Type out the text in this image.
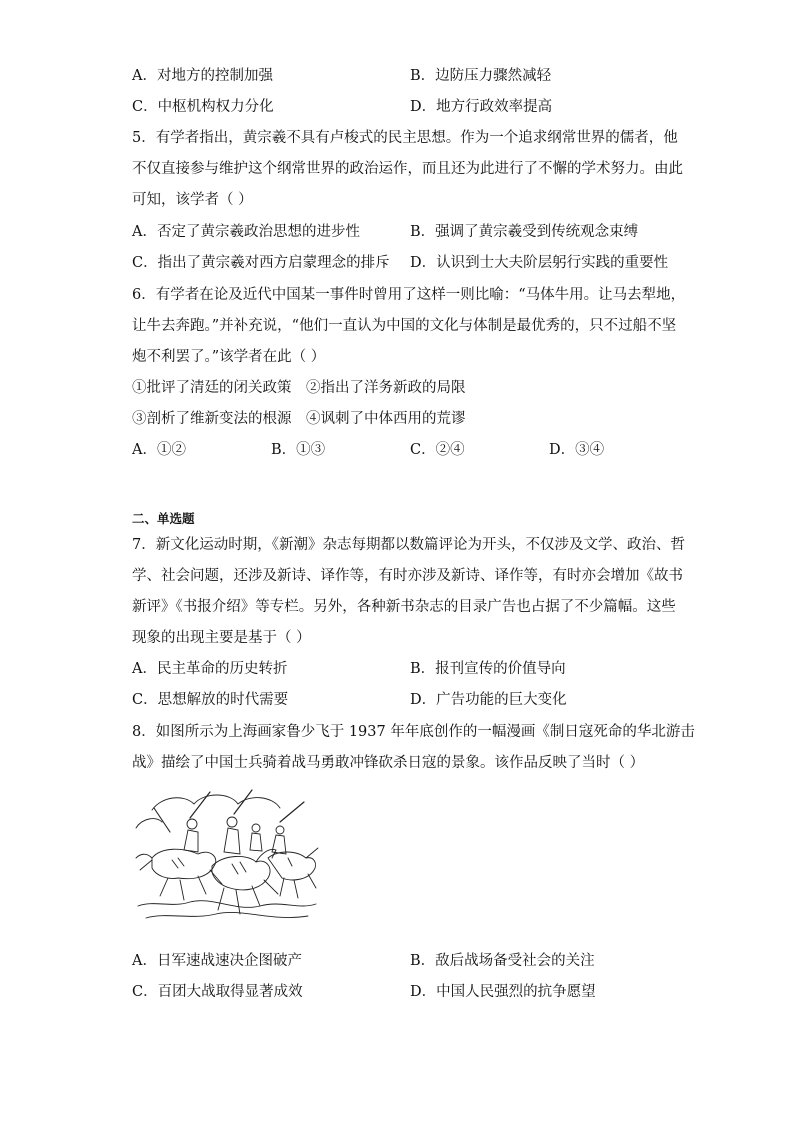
A．对地方的控制加强	B．边防压力骤然减轻
C．中枢机构权力分化	D．地方行政效率提高
5．有学者指出，黄宗羲不具有卢梭式的民主思想。作为一个追求纲常世界的儒者，他
不仅直接参与维护这个纲常世界的政治运作，而且还为此进行了不懈的学术努力。由此
可知，该学者（ ）
A．否定了黄宗羲政治思想的进步性	B．强调了黄宗羲受到传统观念束缚
C．指出了黄宗羲对西方启蒙理念的排斥 D．认识到士大夫阶层躬行实践的重要性
6．有学者在论及近代中国某一事件时曾用了这样一则比喻：“马体牛用。让马去犁地，
让牛去奔跑。”并补充说，“他们一直认为中国的文化与体制是最优秀的，只不过船不坚
炮不利罢了。”该学者在此（ ）
①批评了清廷的闭关政策 ②指出了洋务新政的局限
③剖析了维新变法的根源 ④讽刺了中体西用的荒谬
A．①②	B．①③	C．②④	D．③④
二、单选题
7．新文化运动时期，《新潮》杂志每期都以数篇评论为开头，不仅涉及文学、政治、哲
学、社会问题，还涉及新诗、译作等，有时亦涉及新诗、译作等，有时亦会增加《故书
新评》《书报介绍》等专栏。另外，各种新书杂志的目录广告也占据了不少篇幅。这些
现象的出现主要是基于（ ）
A．民主革命的历史转折	B．报刊宣传的价值导向
C．思想解放的时代需要	D．广告功能的巨大变化
8．如图所示为上海画家鲁少飞于 1937 年年底创作的一幅漫画《制日寇死命的华北游击
战》描绘了中国士兵骑着战马勇敢冲锋砍杀日寇的景象。该作品反映了当时（ ）
A．日军速战速决企图破产	B．敌后战场备受社会的关注
C．百团大战取得显著成效	D．中国人民强烈的抗争愿望
